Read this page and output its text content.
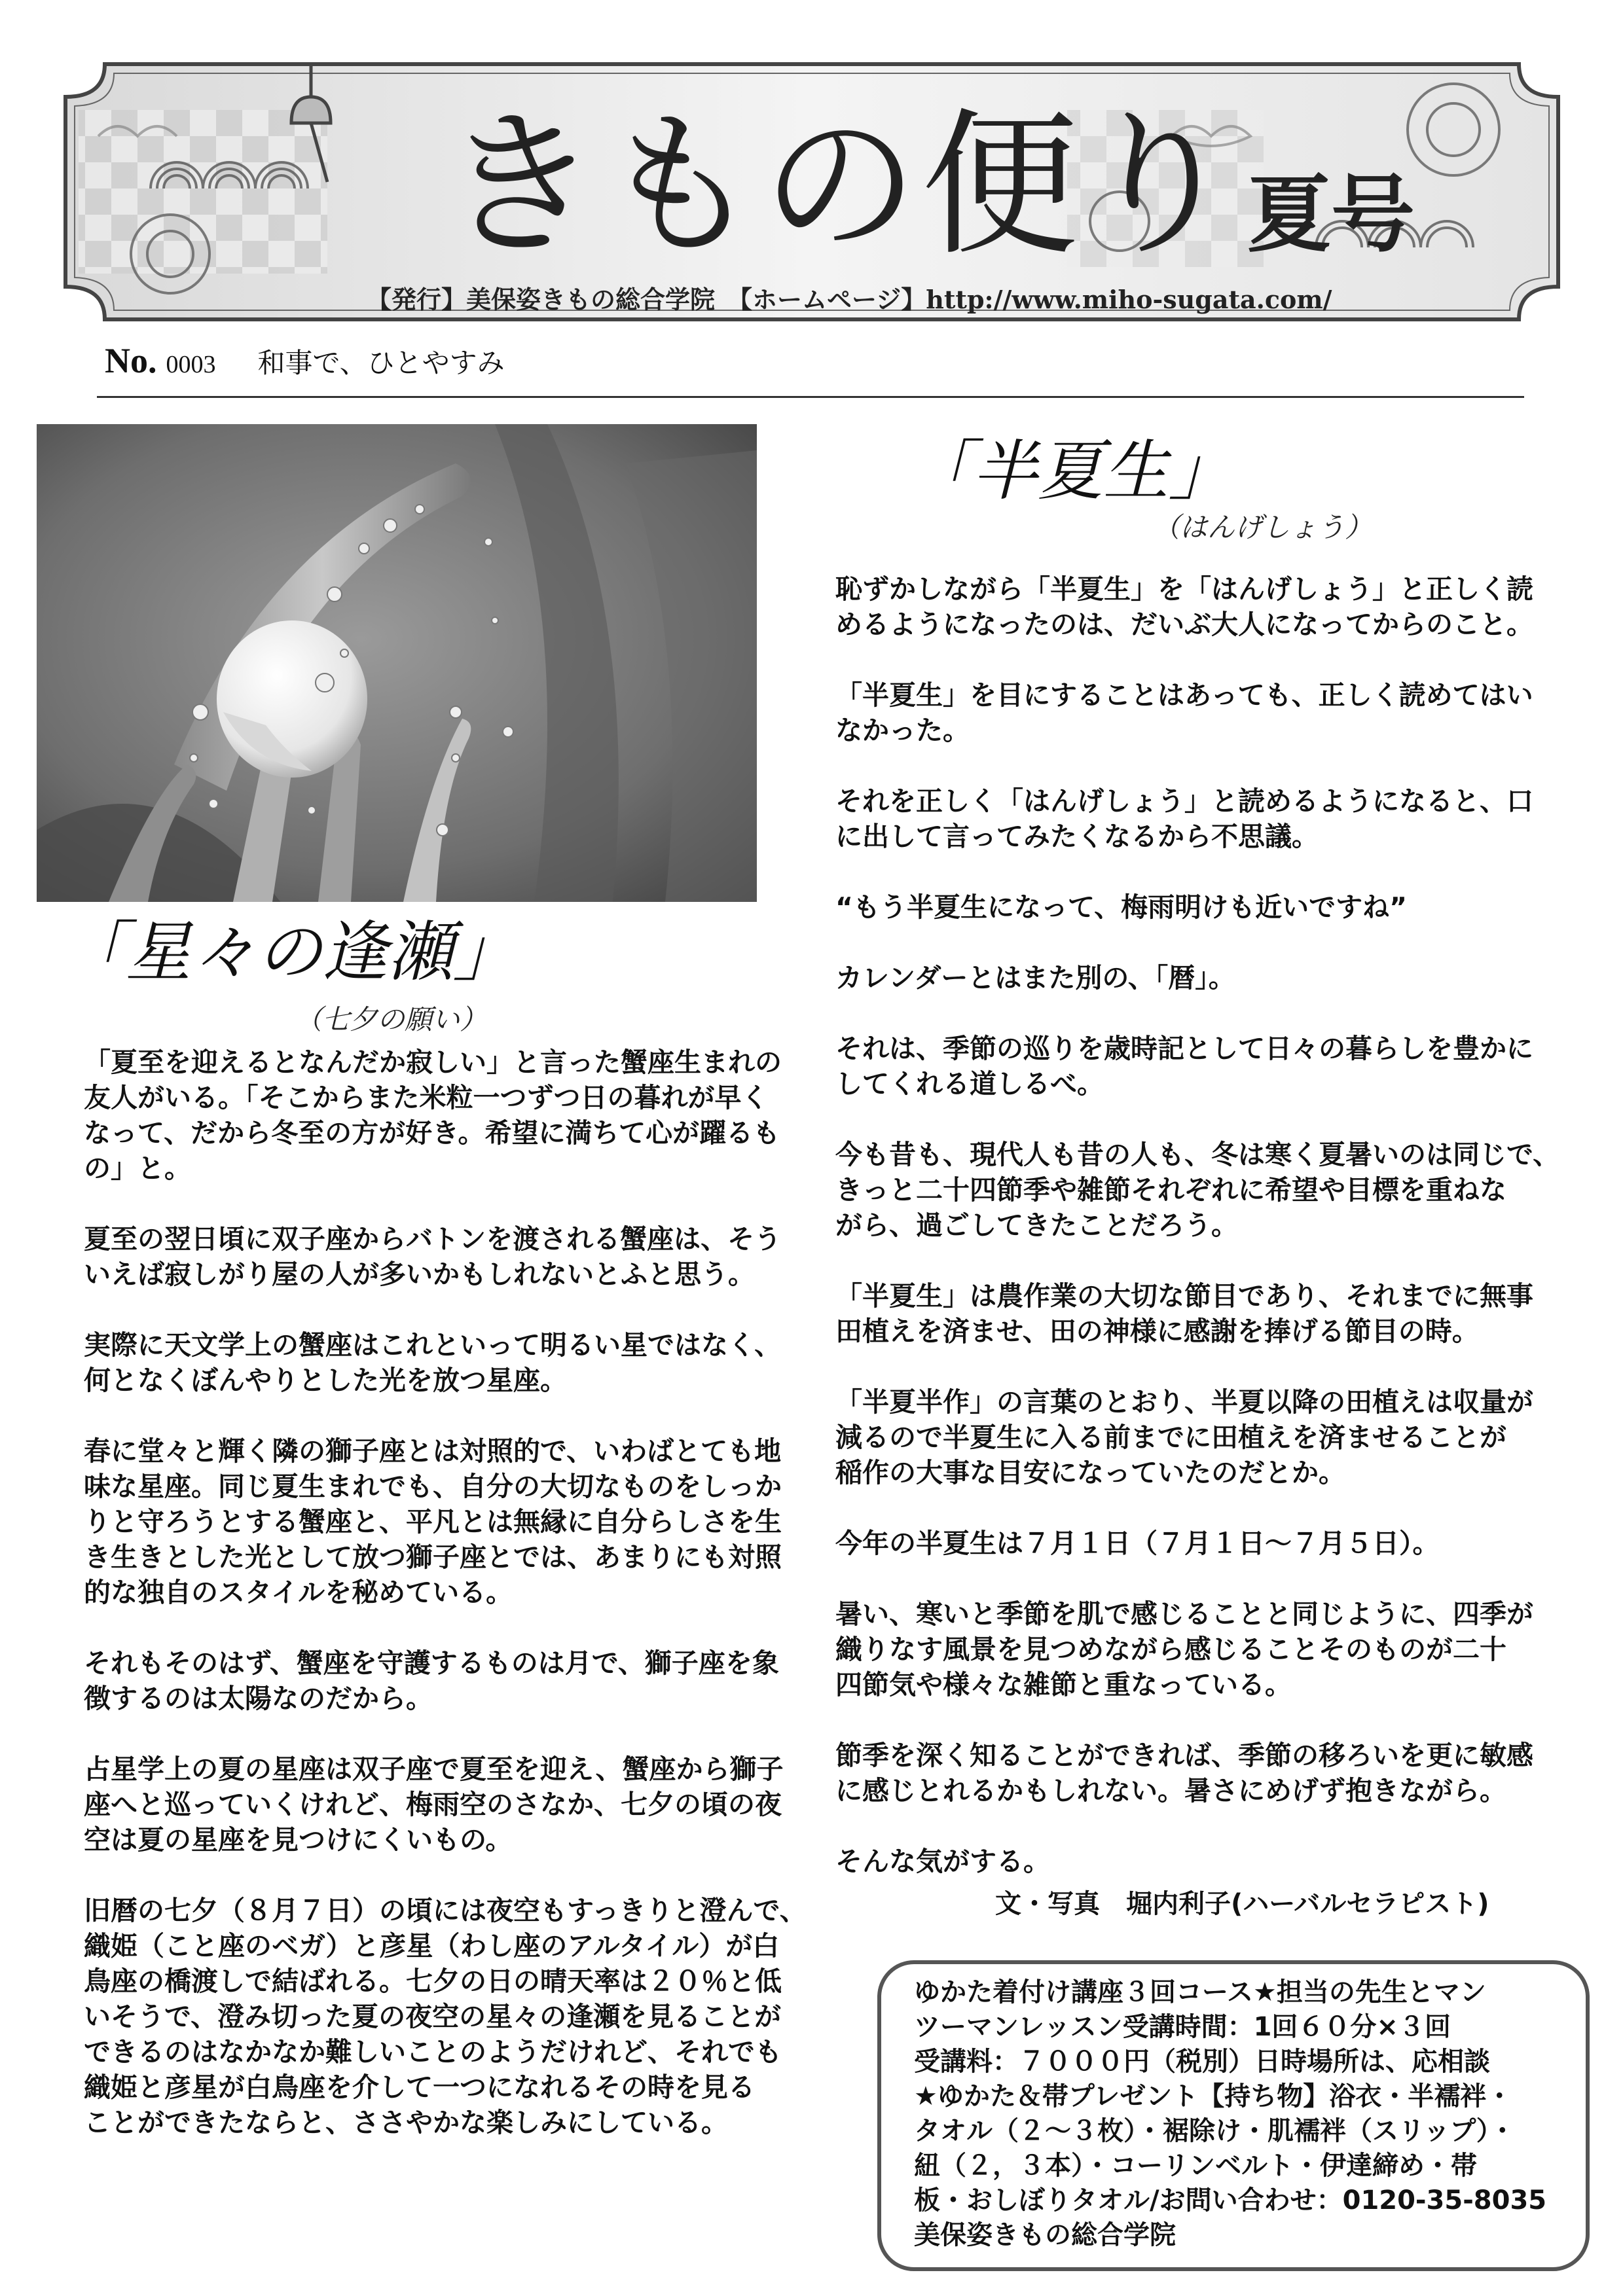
きもの便り 夏号
【発行】美保姿きもの総合学院　【ホームページ】http://www.miho-sugata.com/
No. 0003 和事で、ひとやすみ
「星々の逢瀬」
（七夕の願い）

「夏至を迎えるとなんだか寂しい」と言った蟹座生まれの
友人がいる。「そこからまた米粒一つずつ日の暮れが早く
なって、だから冬至の方が好き。希望に満ちて心が躍るも
の」と。

夏至の翌日頃に双子座からバトンを渡される蟹座は、そう
いえば寂しがり屋の人が多いかもしれないとふと思う。

実際に天文学上の蟹座はこれといって明るい星ではなく、
何となくぼんやりとした光を放つ星座。

春に堂々と輝く隣の獅子座とは対照的で、いわばとても地
味な星座。同じ夏生まれでも、自分の大切なものをしっか
りと守ろうとする蟹座と、平凡とは無縁に自分らしさを生
き生きとした光として放つ獅子座とでは、あまりにも対照
的な独自のスタイルを秘めている。

それもそのはず、蟹座を守護するものは月で、獅子座を象
徴するのは太陽なのだから。

占星学上の夏の星座は双子座で夏至を迎え、蟹座から獅子
座へと巡っていくけれど、梅雨空のさなか、七夕の頃の夜
空は夏の星座を見つけにくいもの。

旧暦の七夕（８月７日）の頃には夜空もすっきりと澄んで、
織姫（こと座のベガ）と彦星（わし座のアルタイル）が白
鳥座の橋渡しで結ばれる。七夕の日の晴天率は２０％と低
いそうで、澄み切った夏の夜空の星々の逢瀬を見ることが
できるのはなかなか難しいことのようだけれど、それでも
織姫と彦星が白鳥座を介して一つになれるその時を見る
ことができたならと、ささやかな楽しみにしている。

「半夏生」
（はんげしょう）

恥ずかしながら「半夏生」を「はんげしょう」と正しく読
めるようになったのは、だいぶ大人になってからのこと。

「半夏生」を目にすることはあっても、正しく読めてはい
なかった。

それを正しく「はんげしょう」と読めるようになると、口
に出して言ってみたくなるから不思議。

“もう半夏生になって、梅雨明けも近いですね”

カレンダーとはまた別の、「暦」。

それは、季節の巡りを歳時記として日々の暮らしを豊かに
してくれる道しるべ。

今も昔も、現代人も昔の人も、冬は寒く夏暑いのは同じで、
きっと二十四節季や雑節それぞれに希望や目標を重ねな
がら、過ごしてきたことだろう。

「半夏生」は農作業の大切な節目であり、それまでに無事
田植えを済ませ、田の神様に感謝を捧げる節目の時。

「半夏半作」の言葉のとおり、半夏以降の田植えは収量が
減るので半夏生に入る前までに田植えを済ませることが
稲作の大事な目安になっていたのだとか。

今年の半夏生は７月１日（７月１日〜７月５日）。

暑い、寒いと季節を肌で感じることと同じように、四季が
織りなす風景を見つめながら感じることそのものが二十
四節気や様々な雑節と重なっている。

節季を深く知ることができれば、季節の移ろいを更に敏感
に感じとれるかもしれない。暑さにめげず抱きながら。

そんな気がする。

文・写真　堀内利子(ハーバルセラピスト)

ゆかた着付け講座３回コース★担当の先生とマン
ツーマンレッスン受講時間：1回６０分×３回
受講料：７０００円（税別）日時場所は、応相談
★ゆかた＆帯プレゼント【持ち物】浴衣・半襦袢・
タオル（２〜３枚）・裾除け・肌襦袢（スリップ）・
紐（２，３本）・コーリンベルト・伊達締め・帯
板・おしぼりタオル/お問い合わせ：0120-35-8035
美保姿きもの総合学院
